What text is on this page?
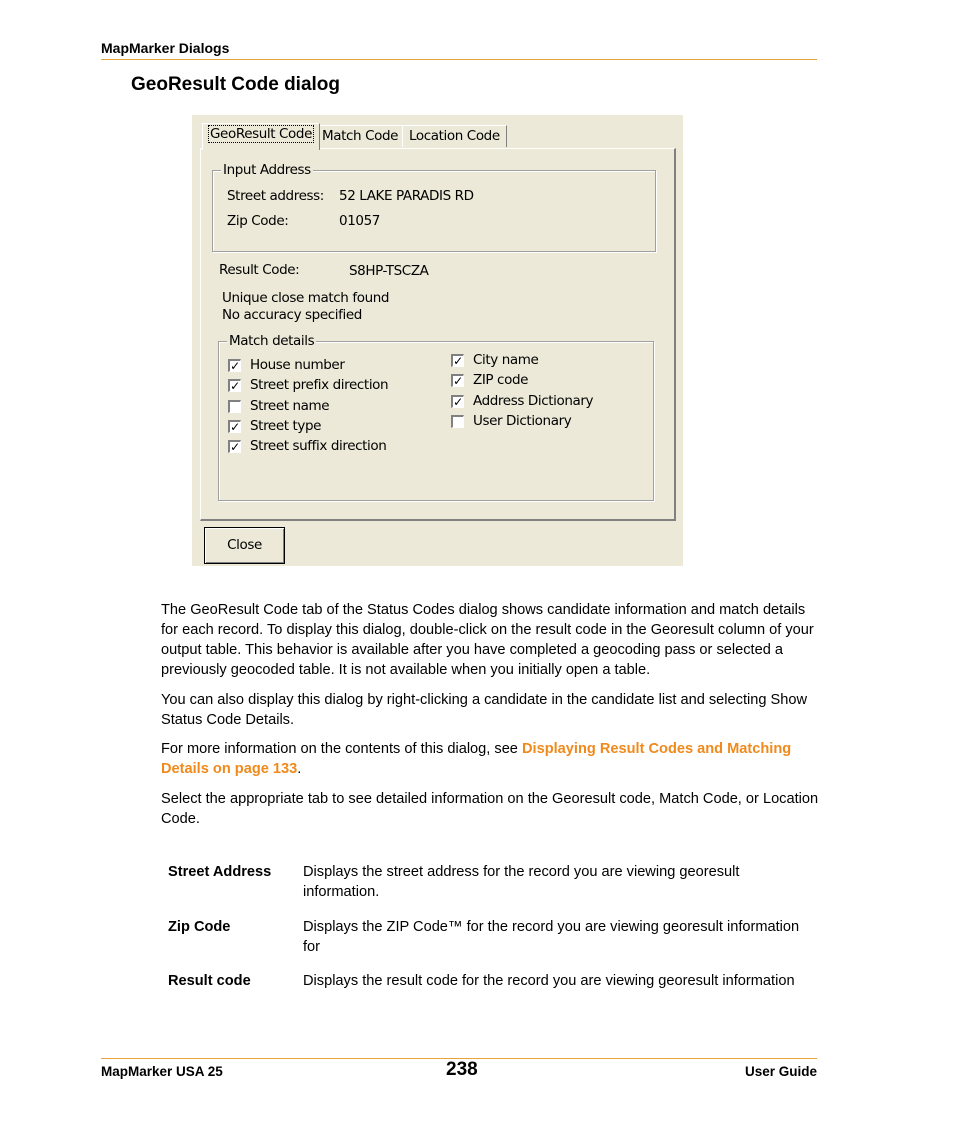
MapMarker Dialogs
GeoResult Code dialog
GeoResult Code Match Code Location Code
Input Address
Street address: 52 LAKE PARADIS RD
Zip Code:	01057
Result Code:	S8HP-TSCZA
Unique close match found
No accuracy specified
Match details
✓ House number
✓ Street prefix direction
Street name
✓ Street type
✓ Street suffix direction
✓ City name
✓ ZIP code
✓ Address Dictionary
User Dictionary
Close
The GeoResult Code tab of the Status Codes dialog shows candidate information and match details for each record. To display this dialog, double-click on the result code in the Georesult column of your output table. This behavior is available after you have completed a geocoding pass or selected a previously geocoded table. It is not available when you initially open a table.
You can also display this dialog by right-clicking a candidate in the candidate list and selecting Show Status Code Details.
For more information on the contents of this dialog, see Displaying Result Codes and Matching Details on page 133.
Select the appropriate tab to see detailed information on the Georesult code, Match Code, or Location Code.
Street Address Displays the street address for the record you are viewing georesult information.
Zip Code	Displays the ZIP Code™ for the record you are viewing georesult information for
Result code	Displays the result code for the record you are viewing georesult information
MapMarker USA 25	238	User Guide
